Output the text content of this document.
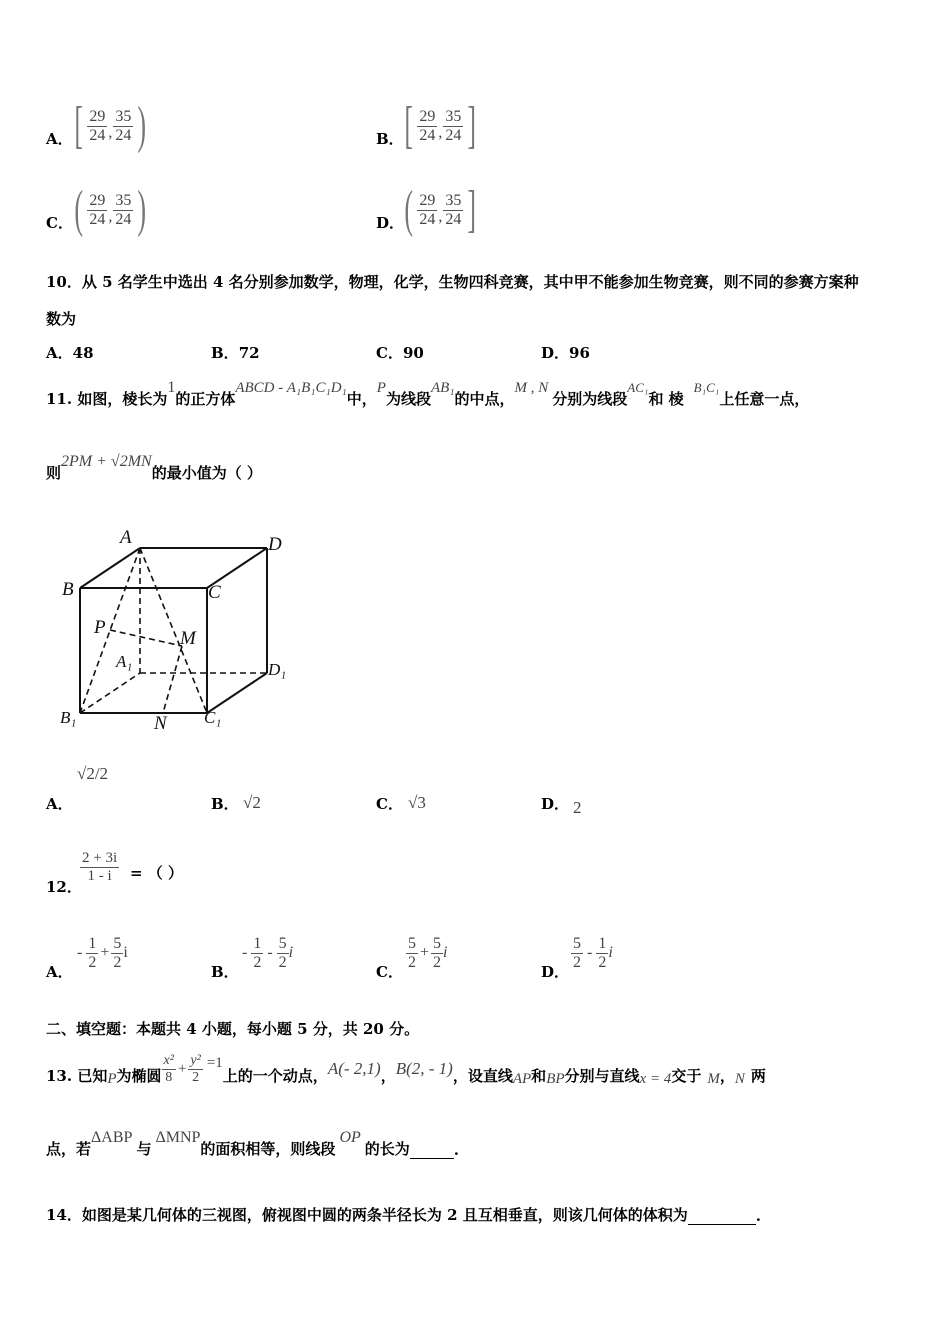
A． [ $\frac{29}{24}$ , $\frac{35}{24}$ )	B． [ $\frac{29}{24}$ , $\frac{35}{24}$ ]
C． ( $\frac{29}{24}$ , $\frac{35}{24}$ )	D． ( $\frac{29}{24}$ , $\frac{35}{24}$ ]
10．从 5 名学生中选出 4 名分别参加数学，物理，化学，生物四科竞赛，其中甲不能参加生物竞赛，则不同的参赛方案种
数为
A．48	B．72	C．90	D．96
11. 如图，棱长为1的正方体ABCD - A₁B₁C₁D₁中，P为线段AB₁的中点，M , N分别为线段AC₁和 棱B₁C₁上任意一点，
则2PM + √2MN的最小值为（ ）
A
B	C
D
A₁
B₁	C₁
D₁
P
M
N
A．
√2/2
B． √2	C． √3	D． 2
12．
$\frac{2 + 3i}{1 - i}$ = （ ）
A．
- $\frac{1}{2} + \frac{5}{2}$ i
B．
- $\frac{1}{2} - \frac{5}{2}$ i
C．
$\frac{5}{2} + \frac{5}{2}$ i
D．
$\frac{5}{2} - \frac{1}{2}$ i
二、填空题：本题共 4 小题，每小题 5 分，共 20 分。
13. 已知 P 为椭圆 $\frac{\text{x²}}{8} + \frac{\text{y²}}{2} =1$
上的一个动点， A(- 2,1) ， B(2, - 1) ，设直线 AP 和 BP 分别与直线 x = 4 交于 M ， N 两
点，若
ΔABP
与
ΔMNP
的面积相等，则线段
OP
的长为	.
14．如图是某几何体的三视图，俯视图中圆的两条半径长为 2 且互相垂直，则该几何体的体积为	.
